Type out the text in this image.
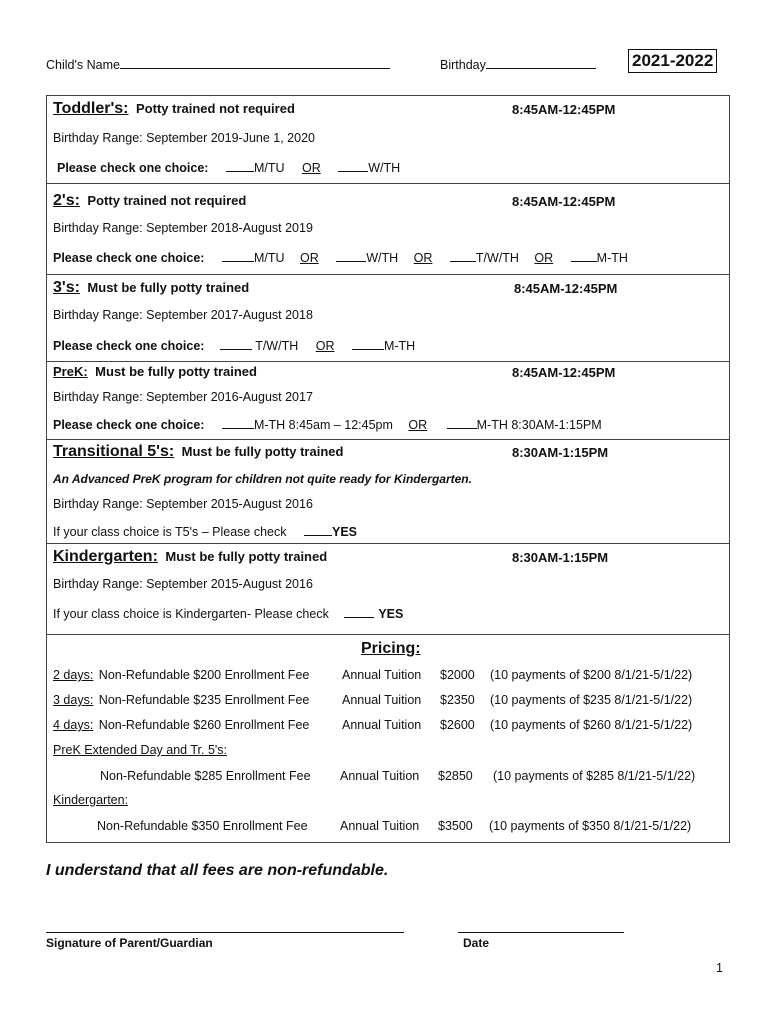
Child's Name	Birthday	2021-2022
Toddler's: Potty trained not required	8:45AM-12:45PM
Birthday Range: September 2019-June 1, 2020
Please check one choice:	M/TU OR	W/TH
2's: Potty trained not required	8:45AM-12:45PM
Birthday Range: September 2018-August 2019
Please check one choice:	M/TU OR	W/TH OR	T/W/TH OR	M-TH
3's: Must be fully potty trained	8:45AM-12:45PM
Birthday Range: September 2017-August 2018
Please check one choice:	T/W/TH OR	M-TH
PreK: Must be fully potty trained	8:45AM-12:45PM
Birthday Range: September 2016-August 2017
Please check one choice:	M-TH 8:45am – 12:45pm OR	M-TH 8:30AM-1:15PM
Transitional 5's: Must be fully potty trained	8:30AM-1:15PM
An Advanced PreK program for children not quite ready for Kindergarten.
Birthday Range: September 2015-August 2016
If your class choice is T5's – Please check	YES
Kindergarten: Must be fully potty trained	8:30AM-1:15PM
Birthday Range: September 2015-August 2016
If your class choice is Kindergarten- Please check	YES
Pricing:
2 days: Non-Refundable $200 Enrollment Fee	Annual Tuition $2000 (10 payments of $200 8/1/21-5/1/22)
3 days: Non-Refundable $235 Enrollment Fee	Annual Tuition $2350 (10 payments of $235 8/1/21-5/1/22)
4 days: Non-Refundable $260 Enrollment Fee	Annual Tuition $2600 (10 payments of $260 8/1/21-5/1/22)
PreK Extended Day and Tr. 5's:
Non-Refundable $285 Enrollment Fee Annual Tuition $2850 (10 payments of $285 8/1/21-5/1/22)
Kindergarten:
Non-Refundable $350 Enrollment Fee	Annual Tuition $3500 (10 payments of $350 8/1/21-5/1/22)
I understand that all fees are non-refundable.
Signature of Parent/Guardian	Date
1
